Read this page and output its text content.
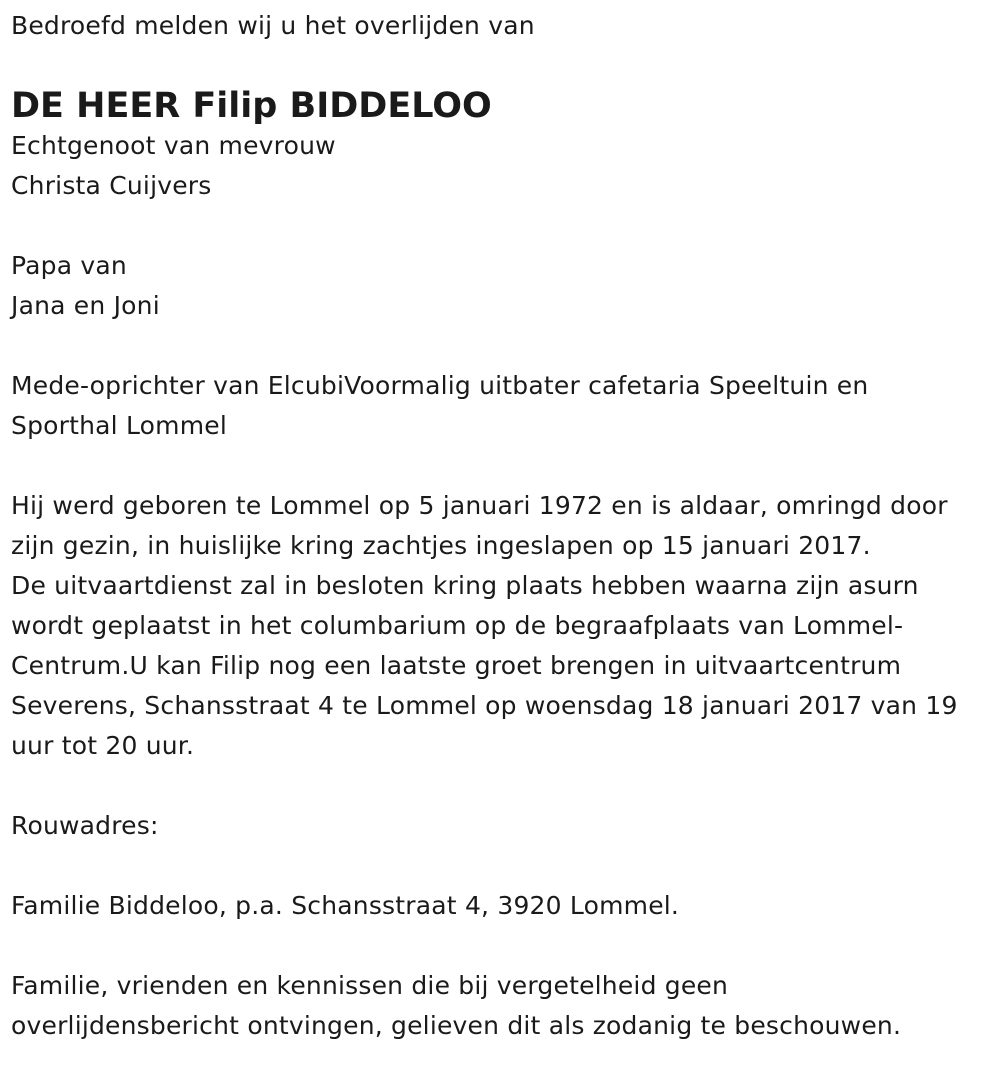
Bedroefd melden wij u het overlijden van

DE HEER Filip BIDDELOO

Echtgenoot van mevrouw

Christa Cuijvers

Papa van

Jana en Joni

Mede-oprichter van ElcubiVoormalig uitbater cafetaria Speeltuin en

Sporthal Lommel

Hij werd geboren te Lommel op 5 januari 1972 en is aldaar, omringd door

zijn gezin, in huislijke kring zachtjes ingeslapen op 15 januari 2017.

De uitvaartdienst zal in besloten kring plaats hebben waarna zijn asurn

wordt geplaatst in het columbarium op de begraafplaats van Lommel-

Centrum.U kan Filip nog een laatste groet brengen in uitvaartcentrum

Severens, Schansstraat 4 te Lommel op woensdag 18 januari 2017 van 19

uur tot 20 uur.

Rouwadres:

Familie Biddeloo, p.a. Schansstraat 4, 3920 Lommel.

Familie, vrienden en kennissen die bij vergetelheid geen

overlijdensbericht ontvingen, gelieven dit als zodanig te beschouwen.
